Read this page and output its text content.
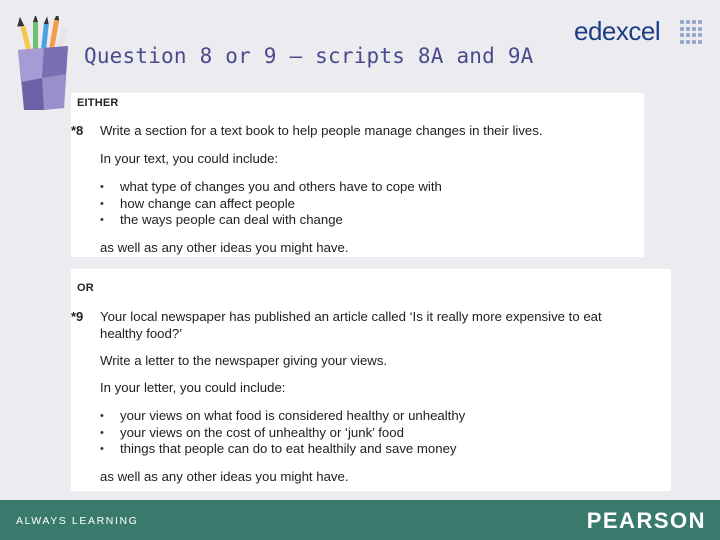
Question 8 or 9 – scripts 8A and 9A
edexcel
EITHER
*8 Write a section for a text book to help people manage changes in their lives.
In your text, you could include:
• what type of changes you and others have to cope with
• how change can affect people
• the ways people can deal with change
as well as any other ideas you might have.
OR
*9 Your local newspaper has published an article called ‘Is it really more expensive to eat
healthy food?’
Write a letter to the newspaper giving your views.
In your letter, you could include:
• your views on what food is considered healthy or unhealthy
• your views on the cost of unhealthy or ‘junk’ food
• things that people can do to eat healthily and save money
as well as any other ideas you might have.
ALWAYS LEARNING	PEARSON
